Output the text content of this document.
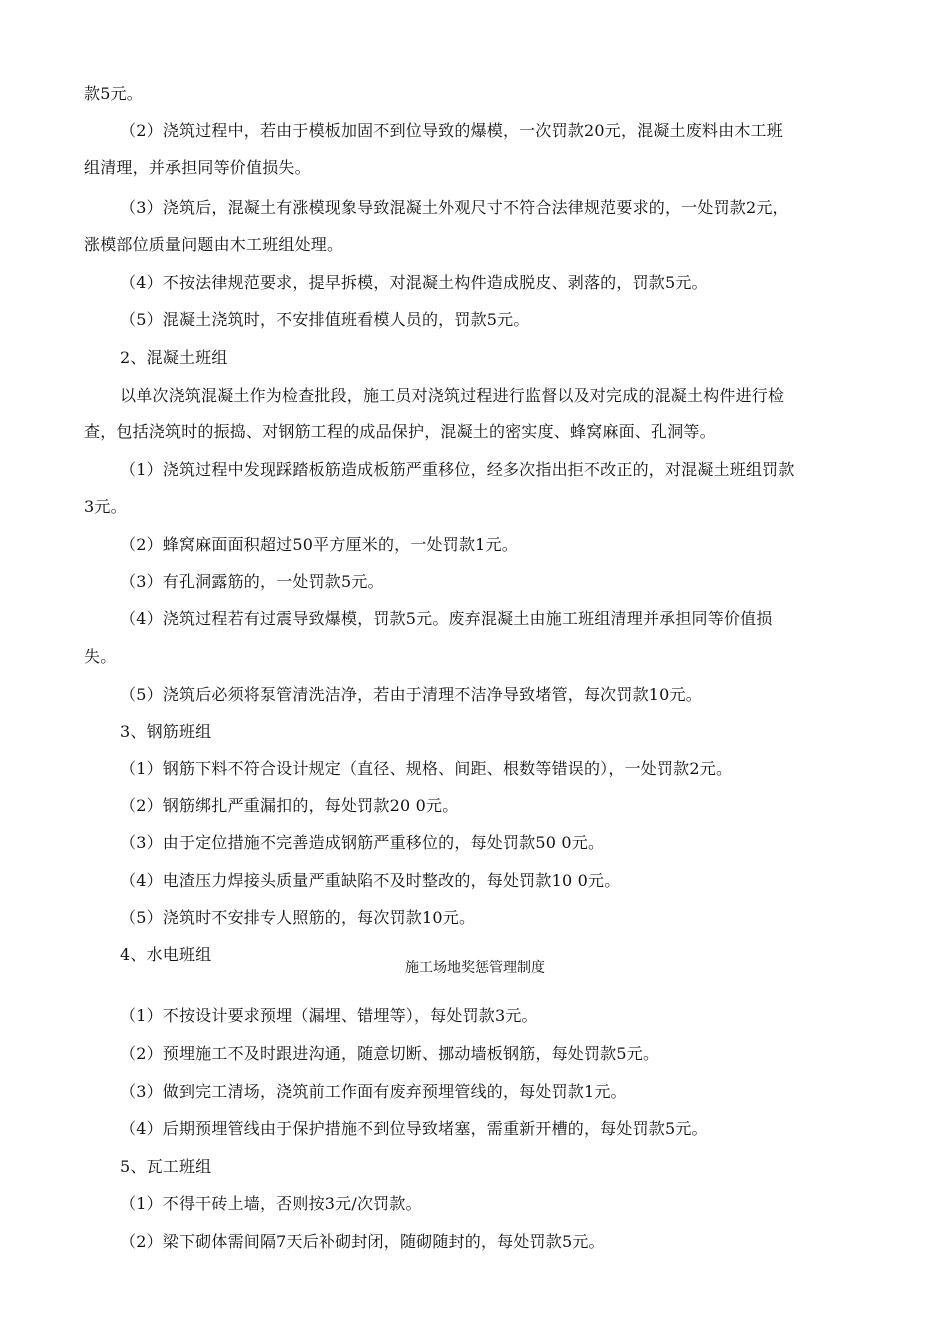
款5元。
（2）浇筑过程中，若由于模板加固不到位导致的爆模，一次罚款20元，混凝土废料由木工班
组清理，并承担同等价值损失。
（3）浇筑后，混凝土有涨模现象导致混凝土外观尺寸不符合法律规范要求的，一处罚款2元，
涨模部位质量问题由木工班组处理。
（4）不按法律规范要求，提早拆模，对混凝土构件造成脱皮、剥落的，罚款5元。
（5）混凝土浇筑时，不安排值班看模人员的，罚款5元。
2、混凝土班组
以单次浇筑混凝土作为检查批段，施工员对浇筑过程进行监督以及对完成的混凝土构件进行检
查，包括浇筑时的振捣、对钢筋工程的成品保护，混凝土的密实度、蜂窝麻面、孔洞等。
（1）浇筑过程中发现踩踏板筋造成板筋严重移位，经多次指出拒不改正的，对混凝土班组罚款
3元。
（2）蜂窝麻面面积超过50平方厘米的，一处罚款1元。
（3）有孔洞露筋的，一处罚款5元。
（4）浇筑过程若有过震导致爆模，罚款5元。废弃混凝土由施工班组清理并承担同等价值损
失。
（5）浇筑后必须将泵管清洗洁净，若由于清理不洁净导致堵管，每次罚款10元。
3、钢筋班组
（1）钢筋下料不符合设计规定（直径、规格、间距、根数等错误的），一处罚款2元。
（2）钢筋绑扎严重漏扣的，每处罚款20 0元。
（3）由于定位措施不完善造成钢筋严重移位的，每处罚款50 0元。
（4）电渣压力焊接头质量严重缺陷不及时整改的，每处罚款10 0元。
（5）浇筑时不安排专人照筋的，每次罚款10元。
4、水电班组
施工场地奖惩管理制度
（1）不按设计要求预埋（漏埋、错埋等），每处罚款3元。
（2）预埋施工不及时跟进沟通，随意切断、挪动墙板钢筋，每处罚款5元。
（3）做到完工清场，浇筑前工作面有废弃预埋管线的，每处罚款1元。
（4）后期预埋管线由于保护措施不到位导致堵塞，需重新开槽的，每处罚款5元。
5、瓦工班组
（1）不得干砖上墙，否则按3元/次罚款。
（2）梁下砌体需间隔7天后补砌封闭，随砌随封的，每处罚款5元。
